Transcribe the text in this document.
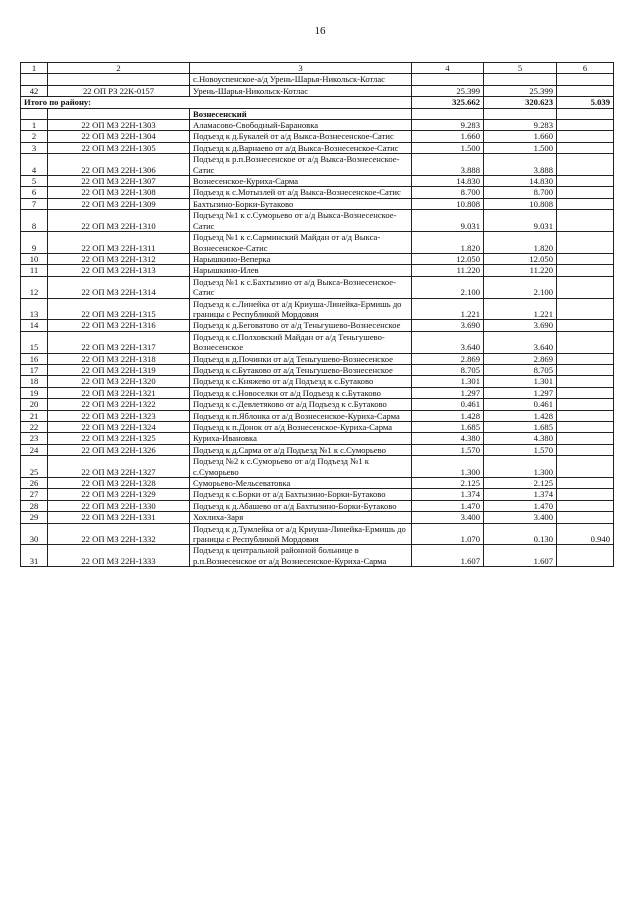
16
1	2	3	4	5	6
		с.Новоуспенское-а/д Урень-Шарья-Никольск-Котлас			
42	22 ОП РЗ 22К-0157	Урень-Шарья-Никольск-Котлас	25.399	25.399	
Итого по району:			325.662	320.623	5.039
		Вознесенский			
1	22 ОП МЗ 22Н-1303	Аламасово-Свободный-Барановка	9.283	9.283	
2	22 ОП МЗ 22Н-1304	Подъезд к д.Букалей от а/д Выкса-Вознесенское-Сатис	1.660	1.660	
3	22 ОП МЗ 22Н-1305	Подъезд к д.Варнаево от а/д Выкса-Вознесенское-Сатис	1.500	1.500	
4	22 ОП МЗ 22Н-1306	Подъезд к р.п.Вознесенское от а/д Выкса-Вознесенское-Сатис	3.888	3.888	
5	22 ОП МЗ 22Н-1307	Вознесенское-Куриха-Сарма	14.830	14.830	
6	22 ОП МЗ 22Н-1308	Подъезд к с.Мотызлей от а/д Выкса-Вознесенское-Сатис	8.700	8.700	
7	22 ОП МЗ 22Н-1309	Бахтызино-Борки-Бутаково	10.808	10.808	
8	22 ОП МЗ 22Н-1310	Подъезд №1 к с.Суморьево от а/д Выкса-Вознесенское-Сатис	9.031	9.031	
9	22 ОП МЗ 22Н-1311	Подъезд №1 к с.Сарминский Майдан от а/д Выкса-Вознесенское-Сатис	1.820	1.820	
10	22 ОП МЗ 22Н-1312	Нарышкино-Веперка	12.050	12.050	
11	22 ОП МЗ 22Н-1313	Нарышкино-Илев	11.220	11.220	
12	22 ОП МЗ 22Н-1314	Подъезд №1 к с.Бахтызино от а/д Выкса-Вознесенское-Сатис	2.100	2.100	
13	22 ОП МЗ 22Н-1315	Подъезд к с.Линейка от а/д Криуша-Линейка-Ермишь до границы с Республикой Мордовия	1.221	1.221	
14	22 ОП МЗ 22Н-1316	Подъезд к д.Беговатово от а/д Теньгушево-Вознесенское	3.690	3.690	
15	22 ОП МЗ 22Н-1317	Подъезд к с.Полховский Майдан от а/д Теньгушево-Вознесенское	3.640	3.640	
16	22 ОП МЗ 22Н-1318	Подъезд к д.Починки от а/д Теньгушево-Вознесенское	2.869	2.869	
17	22 ОП МЗ 22Н-1319	Подъезд к с.Бутаково от а/д Теньгушево-Вознесенское	8.705	8.705	
18	22 ОП МЗ 22Н-1320	Подъезд к с.Княжево от а/д Подъезд к с.Бутаково	1.301	1.301	
19	22 ОП МЗ 22Н-1321	Подъезд к с.Новоселки от а/д Подъезд к с.Бутаково	1.297	1.297	
20	22 ОП МЗ 22Н-1322	Подъезд к с.Девлетяково от а/д Подъезд к с.Бутаково	0.461	0.461	
21	22 ОП МЗ 22Н-1323	Подъезд к п.Яблонка от а/д Вознесенское-Куриха-Сарма	1.428	1.428	
22	22 ОП МЗ 22Н-1324	Подъезд к п.Донок от а/д Вознесенское-Куриха-Сарма	1.685	1.685	
23	22 ОП МЗ 22Н-1325	Куриха-Ивановка	4.380	4.380	
24	22 ОП МЗ 22Н-1326	Подъезд к д.Сарма от а/д Подъезд №1 к с.Суморьево	1.570	1.570	
25	22 ОП МЗ 22Н-1327	Подъезд №2 к с.Суморьево от а/д Подъезд №1 к с.Суморьево	1.300	1.300	
26	22 ОП МЗ 22Н-1328	Суморьево-Мельсеватовка	2.125	2.125	
27	22 ОП МЗ 22Н-1329	Подъезд к с.Борки от а/д Бахтызино-Борки-Бутаково	1.374	1.374	
28	22 ОП МЗ 22Н-1330	Подъезд к д.Абашево от а/д Бахтызино-Борки-Бутаково	1.470	1.470	
29	22 ОП МЗ 22Н-1331	Хохлиха-Заря	3.400	3.400	
30	22 ОП МЗ 22Н-1332	Подъезд к д.Тумлейка от а/д Криуша-Линейка-Ермишь до границы с Республикой Мордовия	1.070	0.130	0.940
31	22 ОП МЗ 22Н-1333	Подъезд к центральной районной больнице в р.п.Вознесенское от а/д Вознесенское-Куриха-Сарма	1.607	1.607	
